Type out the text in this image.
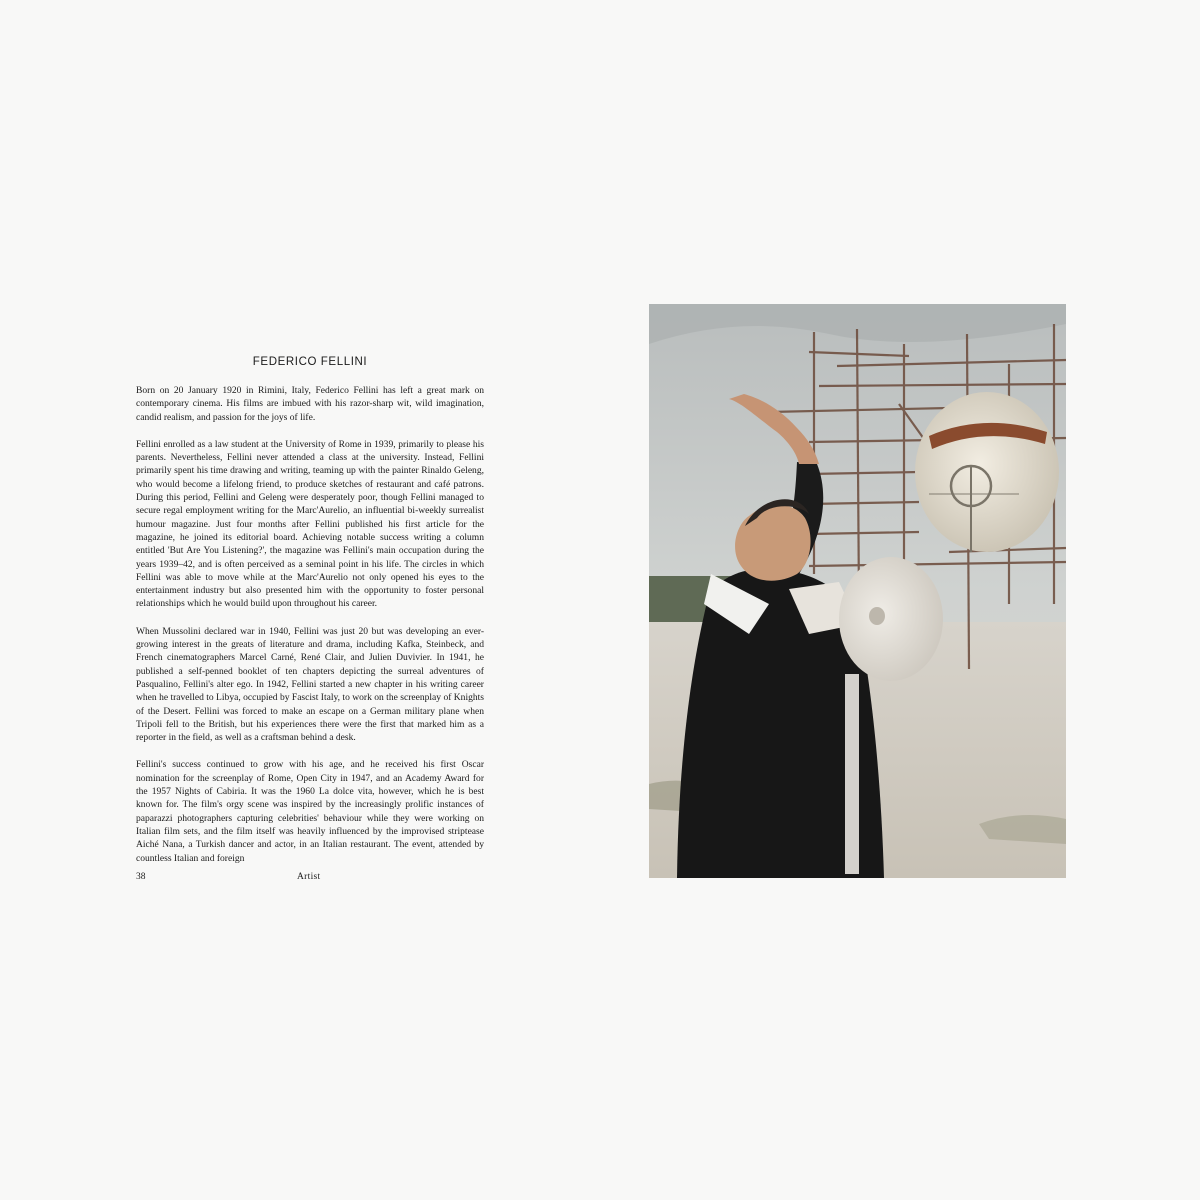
FEDERICO FELLINI

Born on 20 January 1920 in Rimini, Italy, Federico Fellini has left a great mark on contemporary cinema. His films are imbued with his razor-sharp wit, wild imagination, candid realism, and passion for the joys of life.

Fellini enrolled as a law student at the University of Rome in 1939, primarily to please his parents. Nevertheless, Fellini never attended a class at the university. Instead, Fellini primarily spent his time drawing and writing, teaming up with the painter Rinaldo Geleng, who would become a lifelong friend, to produce sketches of restaurant and café patrons. During this period, Fellini and Geleng were desperately poor, though Fellini managed to secure regal employment writing for the Marc'Aurelio, an influential bi-weekly surrealist humour magazine. Just four months after Fellini published his first article for the magazine, he joined its editorial board. Achieving notable success writing a column entitled 'But Are You Listening?', the magazine was Fellini's main occupation during the years 1939–42, and is often perceived as a seminal point in his life. The circles in which Fellini was able to move while at the Marc'Aurelio not only opened his eyes to the entertainment industry but also presented him with the opportunity to foster personal relationships which he would build upon throughout his career.

When Mussolini declared war in 1940, Fellini was just 20 but was developing an ever-growing interest in the greats of literature and drama, including Kafka, Steinbeck, and French cinematographers Marcel Carné, René Clair, and Julien Duvivier. In 1941, he published a self-penned booklet of ten chapters depicting the surreal adventures of Pasqualino, Fellini's alter ego. In 1942, Fellini started a new chapter in his writing career when he travelled to Libya, occupied by Fascist Italy, to work on the screenplay of Knights of the Desert. Fellini was forced to make an escape on a German military plane when Tripoli fell to the British, but his experiences there were the first that marked him as a reporter in the field, as well as a craftsman behind a desk.

Fellini's success continued to grow with his age, and he received his first Oscar nomination for the screenplay of Rome, Open City in 1947, and an Academy Award for the 1957 Nights of Cabiria. It was the 1960 La dolce vita, however, which he is best known for. The film's orgy scene was inspired by the increasingly prolific instances of paparazzi photographers capturing celebrities' behaviour while they were working on Italian film sets, and the film itself was heavily influenced by the improvised striptease Aiché Nana, a Turkish dancer and actor, in an Italian restaurant. The event, attended by countless Italian and foreign

38	Artist
